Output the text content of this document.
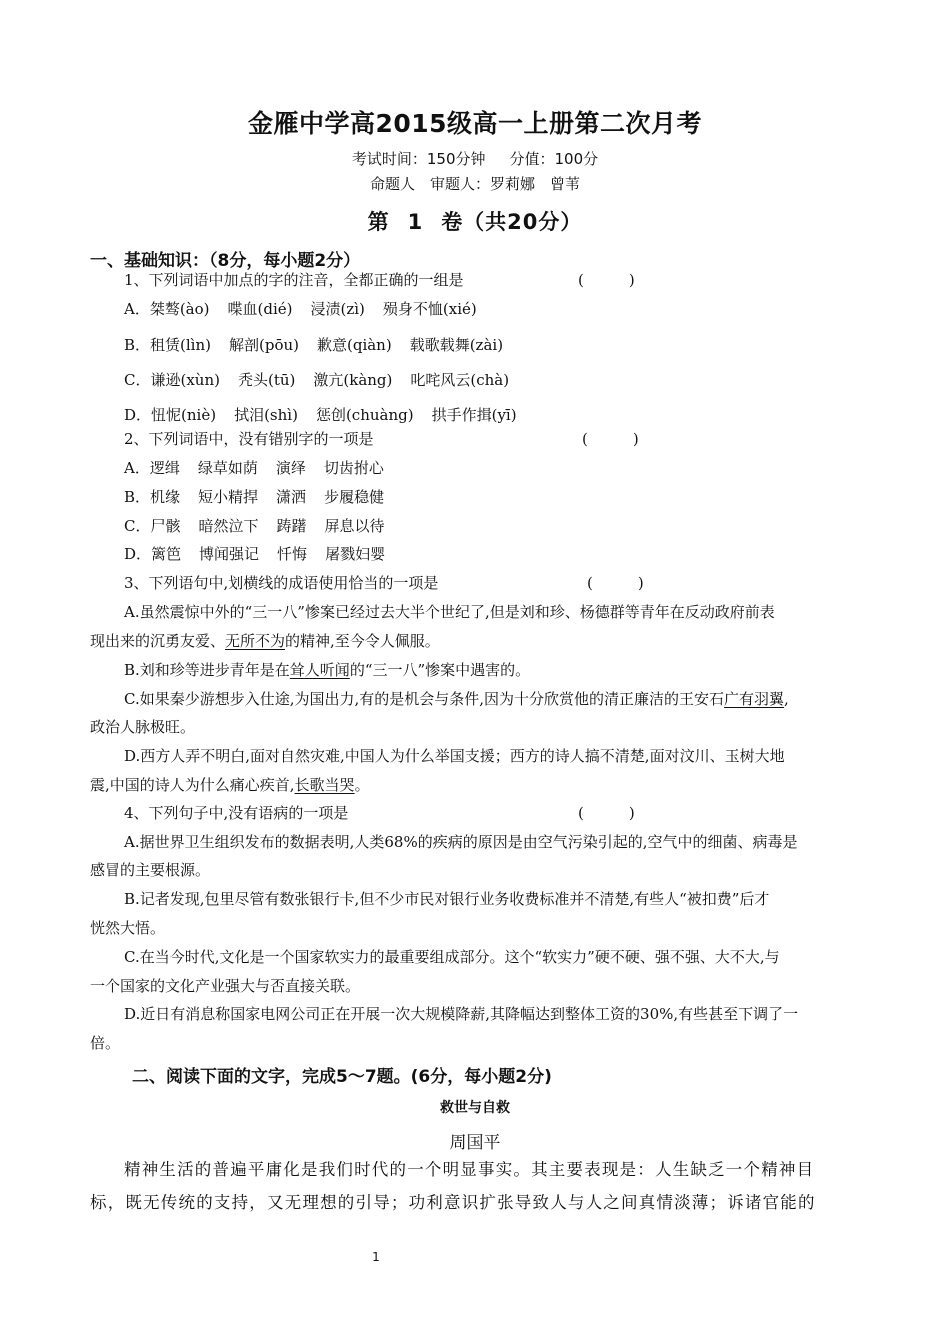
金雁中学高2015级高一上册第二次月考
考试时间：150分钟 分值：100分
命题人　审题人：罗莉娜　曾苇
第 1 卷（共20分）
一、基础知识：（8分，每小题2分）
1、下列词语中加点的字的注音，全都正确的一组是	(　　　)
A．桀骜(ào) 喋血(dié) 浸渍(zì) 殒身不恤(xié)
B．租赁(lìn) 解剖(pōu) 歉意(qiàn) 载歌载舞(zài)
C．谦逊(xùn) 秃头(tū) 激亢(kàng) 叱咤风云(chà)
D．忸怩(niè) 拭泪(shì) 惩创(chuàng) 拱手作揖(yī)
2、下列词语中，没有错别字的一项是	(　　　)
A．逻缉 绿草如荫 演绎 切齿拊心
B．机缘 短小精捍 潇洒 步履稳健
C．尸骸 暗然泣下 踌躇 屏息以待
D．篱笆 博闻强记 忏悔 屠戮妇婴
3、下列语句中,划横线的成语使用恰当的一项是	(　　　)
A.虽然震惊中外的“三一八”惨案已经过去大半个世纪了,但是刘和珍、杨德群等青年在反动政府前表
现出来的沉勇友爱、无所不为的精神,至今令人佩服。
B.刘和珍等进步青年是在耸人听闻的“三一八”惨案中遇害的。
C.如果秦少游想步入仕途,为国出力,有的是机会与条件,因为十分欣赏他的清正廉洁的王安石广有羽翼,
政治人脉极旺。
D.西方人弄不明白,面对自然灾难,中国人为什么举国支援；西方的诗人搞不清楚,面对汶川、玉树大地
震,中国的诗人为什么痛心疾首,长歌当哭。
4、下列句子中,没有语病的一项是	(　　　)
A.据世界卫生组织发布的数据表明,人类68%的疾病的原因是由空气污染引起的,空气中的细菌、病毒是
感冒的主要根源。
B.记者发现,包里尽管有数张银行卡,但不少市民对银行业务收费标准并不清楚,有些人“被扣费”后才
恍然大悟。
C.在当今时代,文化是一个国家软实力的最重要组成部分。这个“软实力”硬不硬、强不强、大不大,与
一个国家的文化产业强大与否直接关联。
D.近日有消息称国家电网公司正在开展一次大规模降薪,其降幅达到整体工资的30%,有些甚至下调了一
倍。
二、阅读下面的文字，完成5～7题。(6分，每小题2分)
救世与自救
周国平
精神生活的普遍平庸化是我们时代的一个明显事实。其主要表现是：人生缺乏一个精神目
标，既无传统的支持，又无理想的引导；功利意识扩张导致人与人之间真情淡薄；诉诸官能的
1
